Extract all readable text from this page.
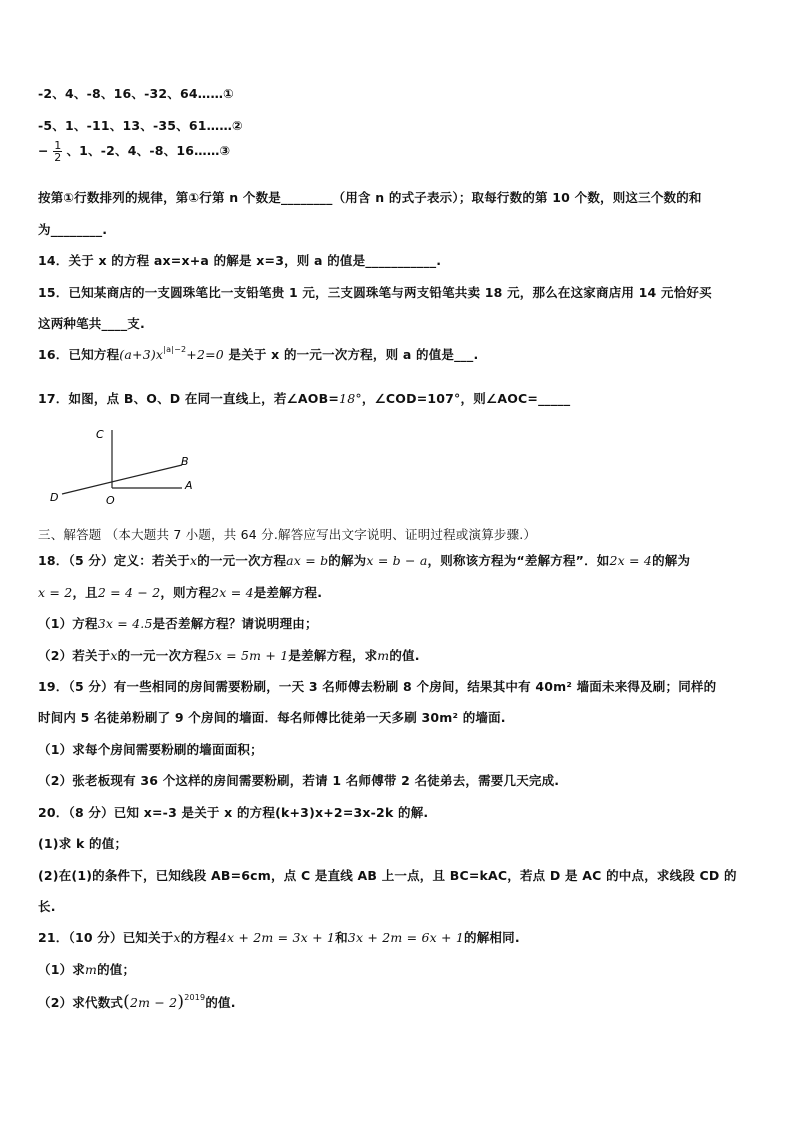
-2、4、-8、16、-32、64……①
-5、1、-11、13、-35、61……②
− $\frac{1}{2}$ 、1、-2、4、-8、16……③
按第①行数排列的规律，第①行第 n 个数是________（用含 n 的式子表示）；取每行数的第 10 个数，则这三个数的和
为________.
14．关于 x 的方程 ax=x+a 的解是 x=3，则 a 的值是___________.
15．已知某商店的一支圆珠笔比一支铅笔贵 1 元，三支圆珠笔与两支铅笔共卖 18 元，那么在这家商店用 14 元恰好买
这两种笔共____支.
16．已知方程$(a+3)x^{|a|-2}+2=0$ 是关于 x 的一元一次方程，则 a 的值是___.
17．如图，点 B、O、D 在同一直线上，若∠AOB=18°，∠COD=107°，则∠AOC=_____
C
B
O
A
D
三、解答题 （本大题共 7 小题，共 64 分.解答应写出文字说明、证明过程或演算步骤.）
18．（5 分）定义：若关于x的一元一次方程ax = b的解为x = b − a，则称该方程为“差解方程”．如2x = 4的解为
x = 2，且2 = 4 − 2，则方程2x = 4是差解方程.
（1）方程3x = 4.5是否差解方程？请说明理由；
（2）若关于x的一元一次方程5x = 5m + 1是差解方程，求m的值.
19．（5 分）有一些相同的房间需要粉刷，一天 3 名师傅去粉刷 8 个房间，结果其中有 40m² 墙面未来得及刷；同样的
时间内 5 名徒弟粉刷了 9 个房间的墙面．每名师傅比徒弟一天多刷 30m² 的墙面.
（1）求每个房间需要粉刷的墙面面积；
（2）张老板现有 36 个这样的房间需要粉刷，若请 1 名师傅带 2 名徒弟去，需要几天完成.
20．（8 分）已知 x=-3 是关于 x 的方程(k+3)x+2=3x-2k 的解.
(1)求 k 的值；
(2)在(1)的条件下，已知线段 AB=6cm，点 C 是直线 AB 上一点，且 BC=kAC，若点 D 是 AC 的中点，求线段 CD 的
长.
21．（10 分）已知关于x的方程4x + 2m = 3x + 1和3x + 2m = 6x + 1的解相同.
（1）求m的值；
（2）求代数式$(2m - 2)^{2019}$的值.
